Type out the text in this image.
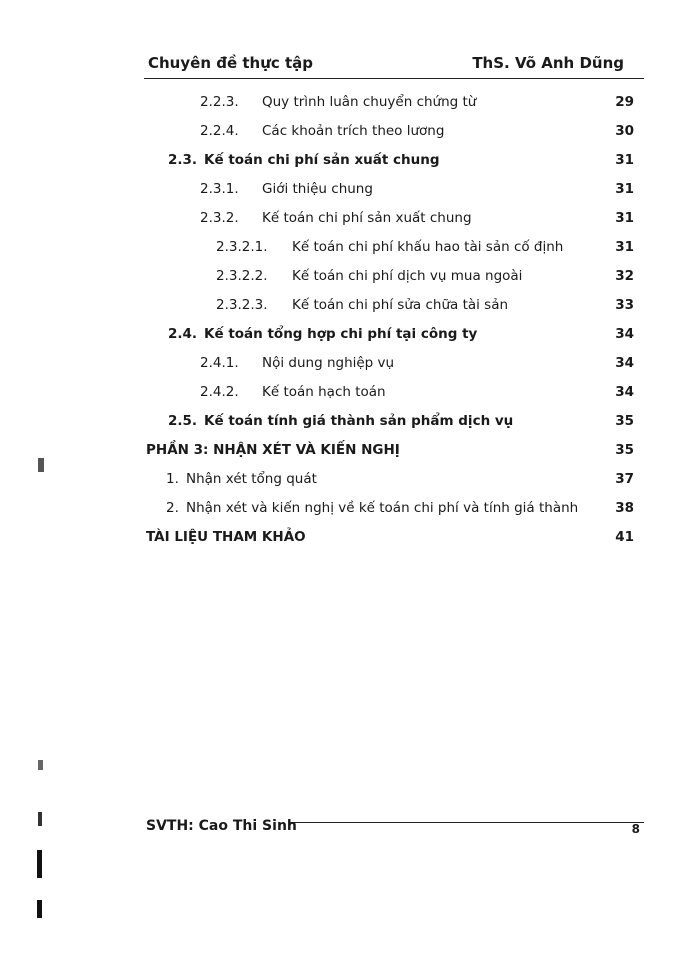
Chuyên đề thực tập	ThS. Võ Anh Dũng
2.2.3. Quy trình luân chuyển chứng từ	29
2.2.4. Các khoản trích theo lương	30
2.3. Kế toán chi phí sản xuất chung	31
2.3.1. Giới thiệu chung	31
2.3.2. Kế toán chi phí sản xuất chung	31
2.3.2.1. Kế toán chi phí khấu hao tài sản cố định	31
2.3.2.2. Kế toán chi phí dịch vụ mua ngoài	32
2.3.2.3. Kế toán chi phí sửa chữa tài sản	33
2.4. Kế toán tổng hợp chi phí tại công ty	34
2.4.1. Nội dung nghiệp vụ	34
2.4.2. Kế toán hạch toán	34
2.5. Kế toán tính giá thành sản phẩm dịch vụ	35
PHẦN 3: NHẬN XÉT VÀ KIẾN NGHỊ	35
1. Nhận xét tổng quát	37
2. Nhận xét và kiến nghị về kế toán chi phí và tính giá thành	38
TÀI LIỆU THAM KHẢO	41
SVTH: Cao Thi Sinh	8
